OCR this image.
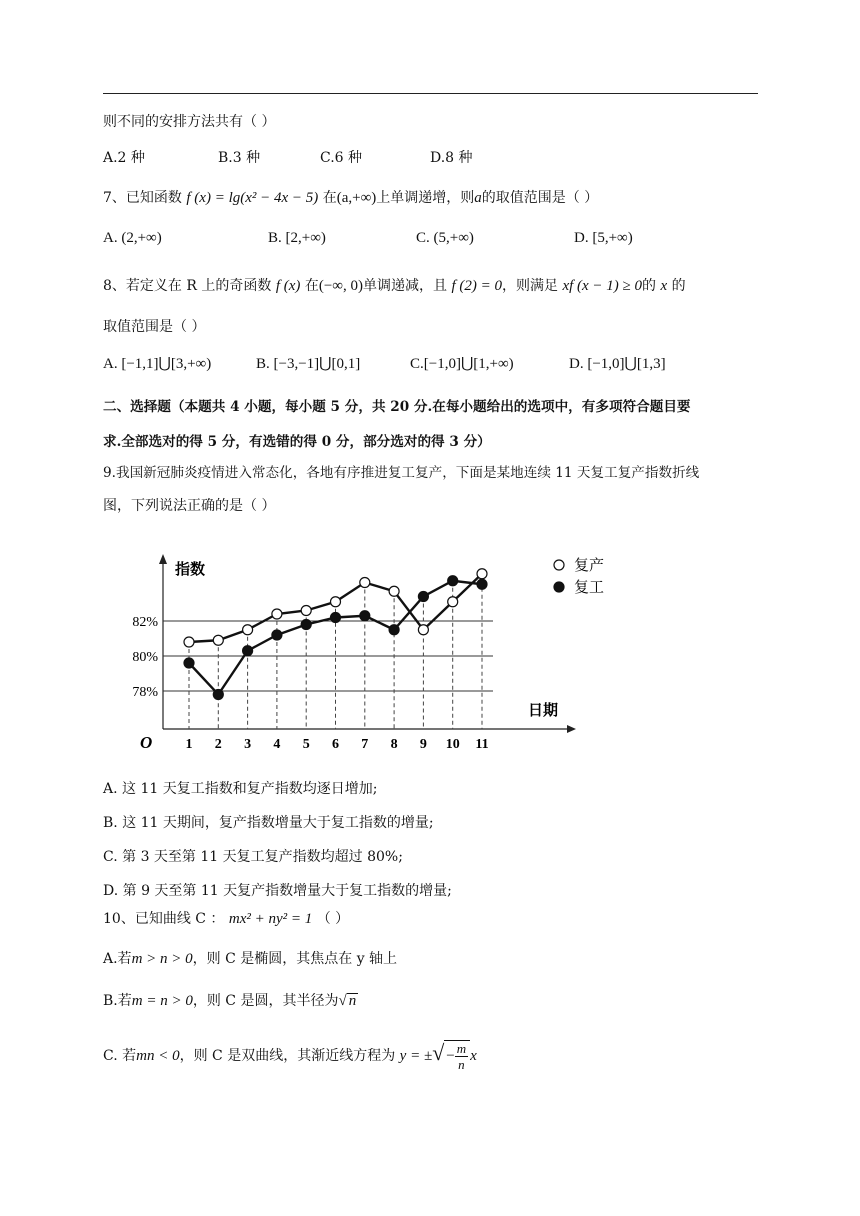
则不同的安排方法共有（ ）
A.2 种	B.3 种	C.6 种	D.8 种
7、已知函数 f (x) = lg(x² − 4x − 5) 在(a,+∞)上单调递增，则a的取值范围是（ ）
A. (2,+∞)	B. [2,+∞)	C. (5,+∞)	D. [5,+∞)
8、若定义在 R 上的奇函数 f (x) 在(−∞, 0)单调递减，且 f (2) = 0，则满足 xf (x − 1) ≥ 0的 x 的
取值范围是（ ）
A. [−1,1]⋃[3,+∞)	B. [−3,−1]⋃[0,1]	C.[−1,0]⋃[1,+∞)	D. [−1,0]⋃[1,3]
二、选择题（本题共 4 小题，每小题 5 分，共 20 分.在每小题给出的选项中，有多项符合题目要
求.全部选对的得 5 分，有选错的得 0 分，部分选对的得 3 分）
9.我国新冠肺炎疫情进入常态化，各地有序推进复工复产，下面是某地连续 11 天复工复产指数折线
图，下列说法正确的是（ ）
78%
80%
82%
1 2 3 4 5 6 7 8 9 10 11
指数
日期
O
复产
复工
A. 这 11 天复工指数和复产指数均逐日增加;
B. 这 11 天期间，复产指数增量大于复工指数的增量;
C. 第 3 天至第 11 天复工复产指数均超过 80%;
D. 第 9 天至第 11 天复产指数增量大于复工指数的增量;
10、已知曲线 C ： mx² + ny² = 1 （ ）
A.若m > n > 0，则 C 是椭圆，其焦点在 y 轴上
B.若m = n > 0，则 C 是圆，其半径为√ n
C. 若mn < 0，则 C 是双曲线，其渐近线方程为 y = ±√ − $\frac{m}{n}$ x
